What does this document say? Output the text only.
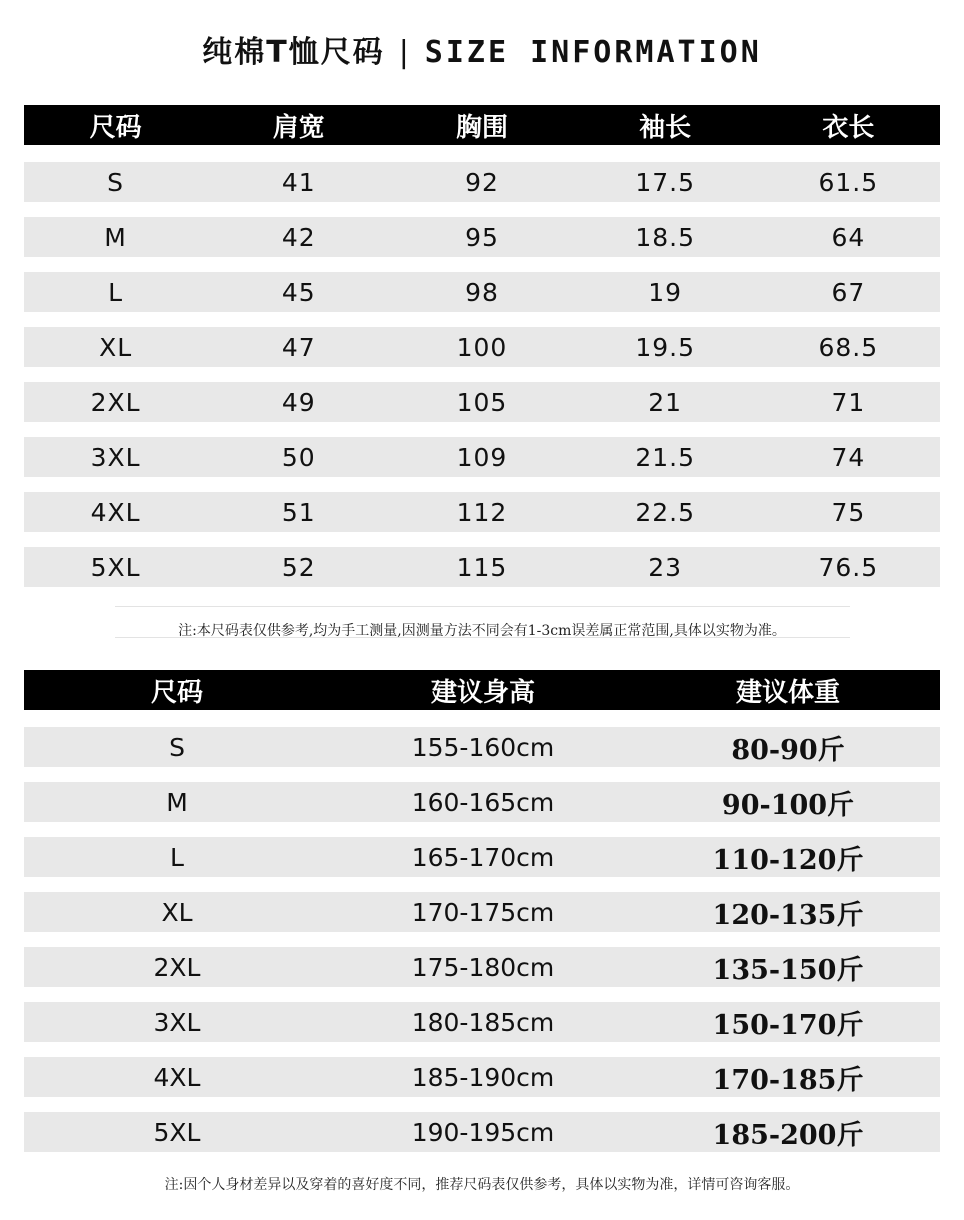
纯棉T恤尺码 | SIZE INFORMATION
尺码	肩宽	胸围	袖长	衣长
S	41	92	17.5	61.5
M	42	95	18.5	64
L	45	98	19	67
XL	47	100	19.5	68.5
2XL	49	105	21	71
3XL	50	109	21.5	74
4XL	51	112	22.5	75
5XL	52	115	23	76.5
注:本尺码表仅供参考,均为手工测量,因测量方法不同会有1-3cm误差属正常范围,具体以实物为准。
尺码	建议身高	建议体重
S	155-160cm	80-90斤
M	160-165cm	90-100斤
L	165-170cm	110-120斤
XL	170-175cm	120-135斤
2XL	175-180cm	135-150斤
3XL	180-185cm	150-170斤
4XL	185-190cm	170-185斤
5XL	190-195cm	185-200斤
注:因个人身材差异以及穿着的喜好度不同，推荐尺码表仅供参考，具体以实物为准，详情可咨询客服。
